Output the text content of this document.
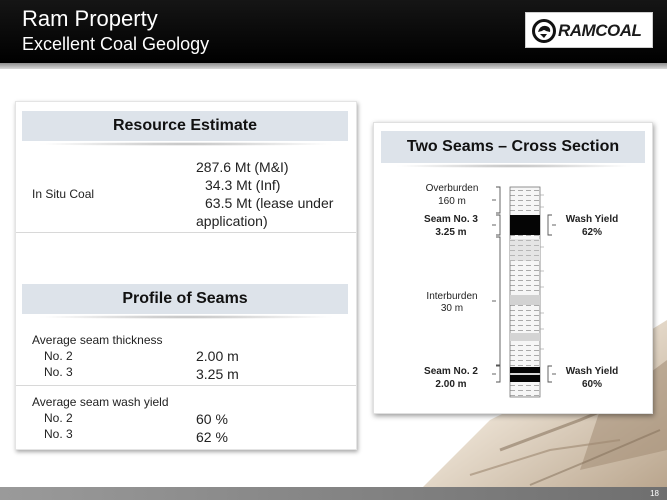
Ram Property
Excellent Coal Geology
RAMCOAL
Resource Estimate
In Situ Coal
287.6 Mt (M&I)
34.3 Mt (Inf)
63.5 Mt (lease under
application)
Profile of Seams
Average seam thickness
No. 2	2.00 m
No. 3	3.25 m
Average seam wash yield
No. 2	60 %
No. 3	62 %
Two Seams – Cross Section
Overburden
160 m
Seam No. 3
3.25 m
Wash Yield
62%
Interburden
30 m
Seam No. 2
2.00 m
Wash Yield
60%
18
